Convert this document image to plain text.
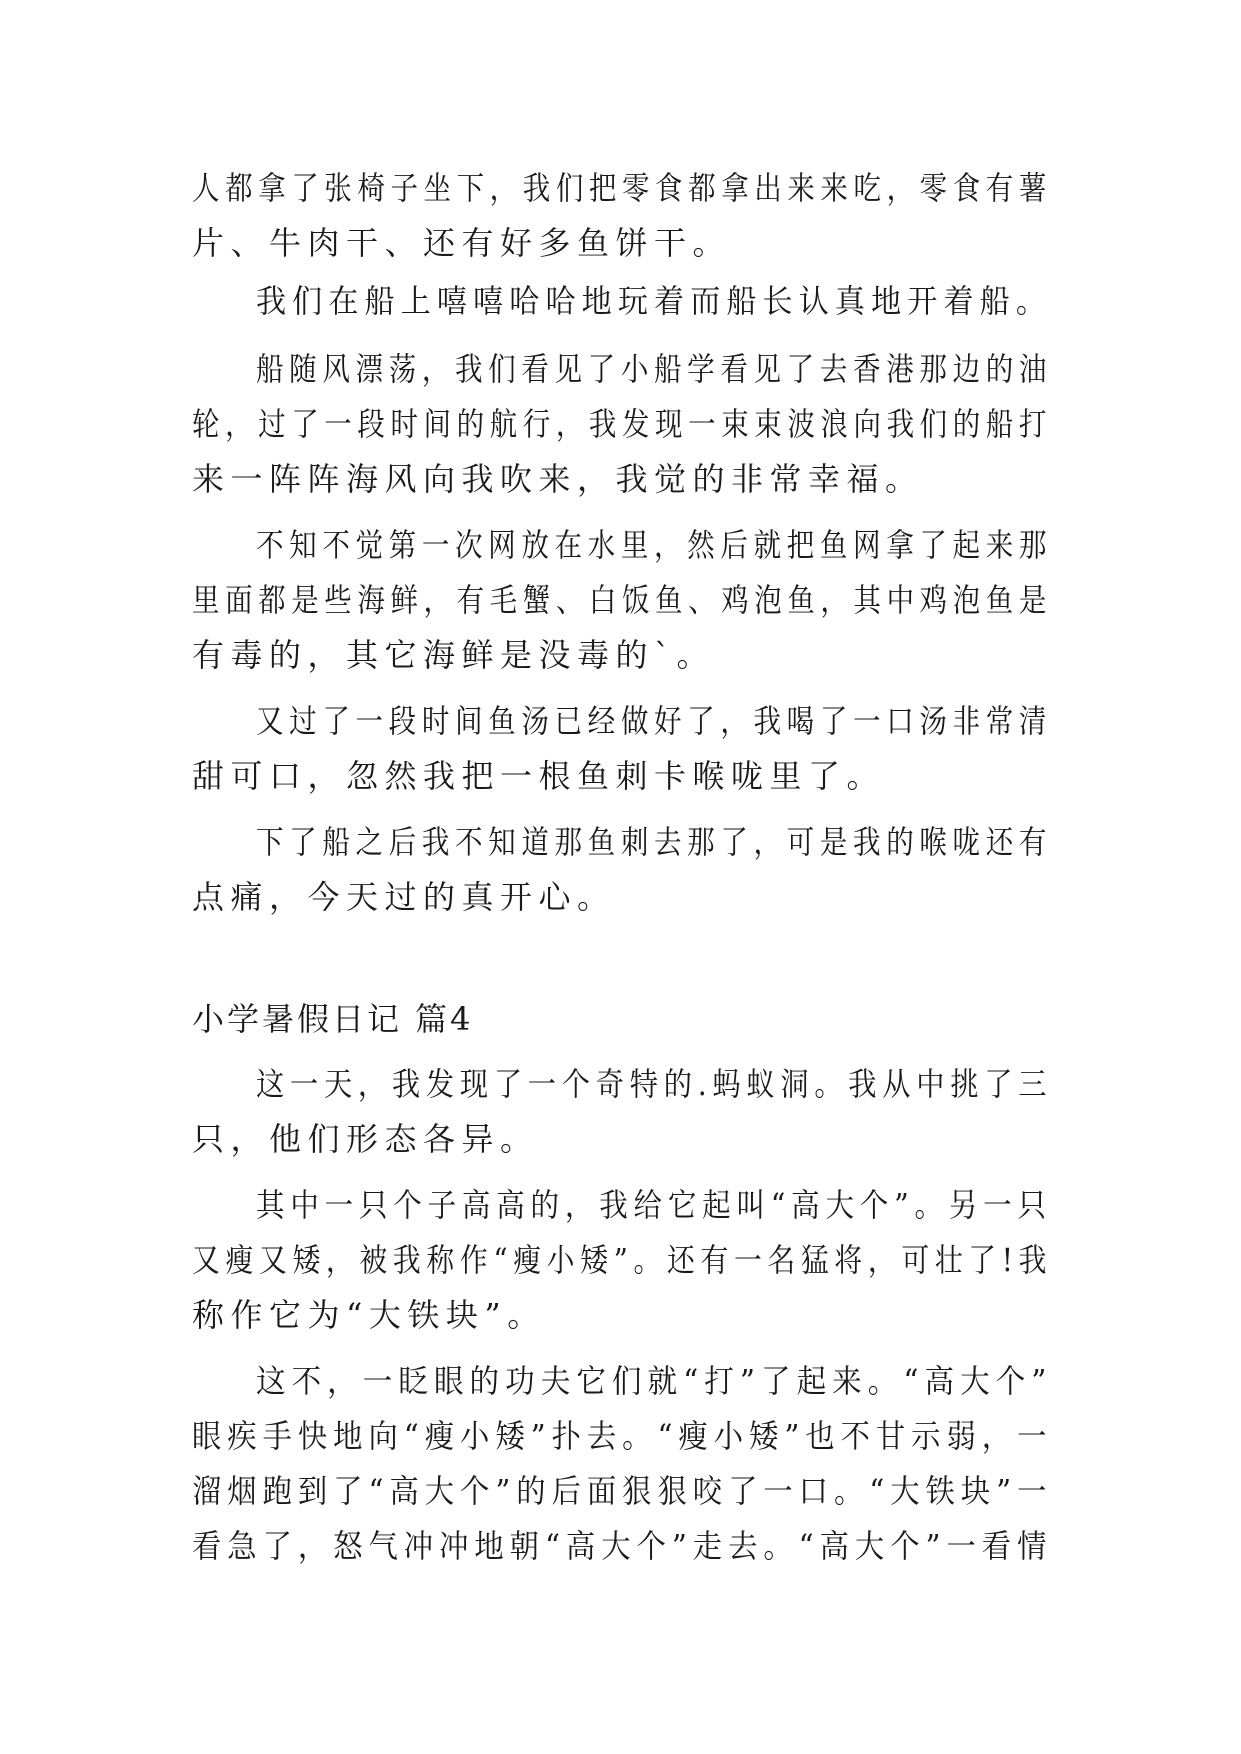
人都拿了张椅子坐下，我们把零食都拿出来来吃，零食有薯
片、牛肉干、还有好多鱼饼干。
我们在船上嘻嘻哈哈地玩着而船长认真地开着船。
船随风漂荡，我们看见了小船学看见了去香港那边的油
轮，过了一段时间的航行，我发现一束束波浪向我们的船打
来一阵阵海风向我吹来，我觉的非常幸福。
不知不觉第一次网放在水里，然后就把鱼网拿了起来那
里面都是些海鲜，有毛蟹、白饭鱼、鸡泡鱼，其中鸡泡鱼是
有毒的，其它海鲜是没毒的`。
又过了一段时间鱼汤已经做好了，我喝了一口汤非常清
甜可口，忽然我把一根鱼刺卡喉咙里了。
下了船之后我不知道那鱼刺去那了，可是我的喉咙还有
点痛，今天过的真开心。
小学暑假日记 篇4
这一天，我发现了一个奇特的.蚂蚁洞。我从中挑了三
只，他们形态各异。
其中一只个子高高的，我给它起叫“高大个”。另一只
又瘦又矮，被我称作“瘦小矮”。还有一名猛将，可壮了!我
称作它为“大铁块”。
这不，一眨眼的功夫它们就“打”了起来。“高大个”
眼疾手快地向“瘦小矮”扑去。“瘦小矮”也不甘示弱，一
溜烟跑到了“高大个”的后面狠狠咬了一口。“大铁块”一
看急了，怒气冲冲地朝“高大个”走去。“高大个”一看情
